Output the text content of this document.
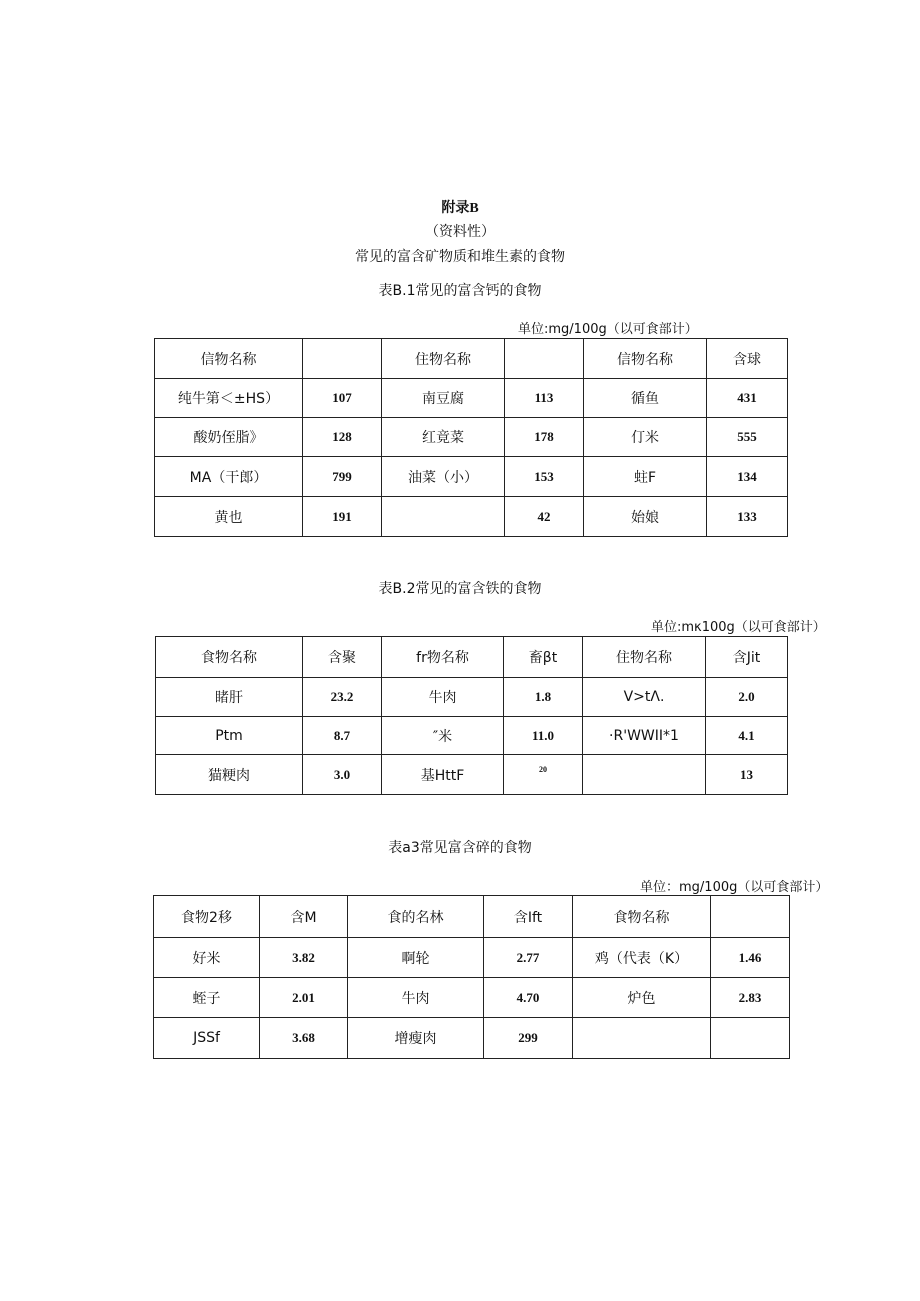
附录B
（资料性）
常见的富含矿物质和堆生素的食物
表B.1常见的富含钙的食物
单位:mg/100g（以可食部计）
信物名称		住物名称		信物名称	含球
纯牛第＜±HS）	107	南豆腐	113	循鱼	431
酸奶侄脂》	128	红竟菜	178	仃米	555
MA（干郎）	799	油菜（小）	153	蛀F	134
黄也	191		42	始娘	133
表B.2常见的富含铁的食物
单位:mκ100g（以可食部计）
食物名称	含聚	fr物名称	畜βt	住物名称	含Jit
睹肝	23.2	牛肉	1.8	V>tΛ.	2.0
Ptm	8.7	″米	11.0	·R'WWII*1	4.1
猫粳肉	3.0	基HttF	20		13
表a3常见富含碎的食物
单位：mg/100g（以可食部计）
食物2移	含M	食的名林	含Ift	食物名称	
好米	3.82	啊轮	2.77	鸡（代表（K）	1.46
蛭子	2.01	牛肉	4.70	炉色	2.83
JSSf	3.68	增瘦肉	299		
